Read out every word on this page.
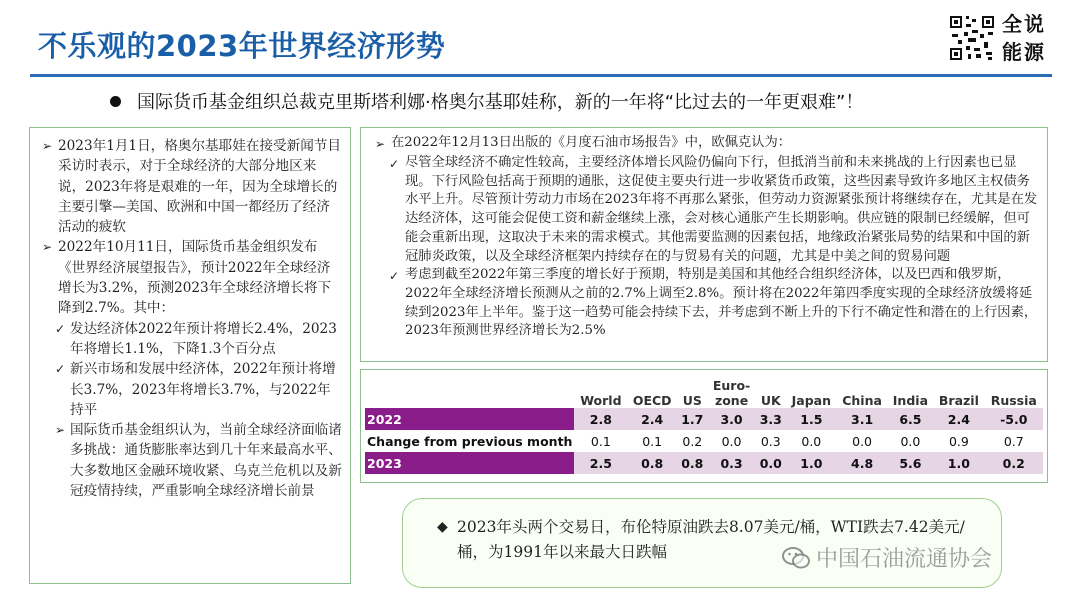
不乐观的2023年世界经济形势
全说
能源
国际货币基金组织总裁克里斯塔利娜·格奥尔基耶娃称，新的一年将“比过去的一年更艰难”！
➢ 2023年1月1日，格奥尔基耶娃在接受新闻节目采访时表示，对于全球经济的大部分地区来说，2023年将是艰难的一年，因为全球增长的主要引擎—美国、欧洲和中国一都经历了经济活动的疲软
➢ 2022年10月11日，国际货币基金组织发布《世界经济展望报告》，预计2022年全球经济增长为3.2%，预测2023年全球经济增长将下降到2.7%。其中：
✓ 发达经济体2022年预计将增长2.4%，2023年将增长1.1%，下降1.3个百分点
✓ 新兴市场和发展中经济体，2022年预计将增长3.7%，2023年将增长3.7%，与2022年持平
➢ 国际货币基金组织认为，当前全球经济面临诸多挑战：通货膨胀率达到几十年来最高水平、大多数地区金融环境收紧、乌克兰危机以及新冠疫情持续，严重影响全球经济增长前景
➢ 在2022年12月13日出版的《月度石油市场报告》中，欧佩克认为：
✓ 尽管全球经济不确定性较高，主要经济体增长风险仍偏向下行，但抵消当前和未来挑战的上行因素也已显现。下行风险包括高于预期的通胀，这促使主要央行进一步收紧货币政策，这些因素导致许多地区主权债务水平上升。尽管预计劳动力市场在2023年将不再那么紧张，但劳动力资源紧张预计将继续存在，尤其是在发达经济体，这可能会促使工资和薪金继续上涨，会对核心通胀产生长期影响。供应链的限制已经缓解，但可能会重新出现，这取决于未来的需求模式。其他需要监测的因素包括，地缘政治紧张局势的结果和中国的新冠肺炎政策，以及全球经济框架内持续存在的与贸易有关的问题，尤其是中美之间的贸易问题
✓ 考虑到截至2022年第三季度的增长好于预期，特别是美国和其他经合组织经济体，以及巴西和俄罗斯，2022年全球经济增长预测从之前的2.7%上调至2.8%。预计将在2022年第四季度实现的全球经济放缓将延续到2023年上半年。鉴于这一趋势可能会持续下去，并考虑到不断上升的下行不确定性和潜在的上行因素，2023年预测世界经济增长为2.5%
	World	OECD	US	Euro-zone	UK	Japan	China	India	Brazil	Russia
2022	2.8	2.4	1.7	3.0	3.3	1.5	3.1	6.5	2.4	-5.0
Change from previous month	0.1	0.1	0.2	0.0	0.3	0.0	0.0	0.0	0.9	0.7
2023	2.5	0.8	0.8	0.3	0.0	1.0	4.8	5.6	1.0	0.2
◆ 2023年头两个交易日，布伦特原油跌去8.07美元/桶，WTI跌去7.42美元/桶，为1991年以来最大日跌幅	中国石油流通协会
